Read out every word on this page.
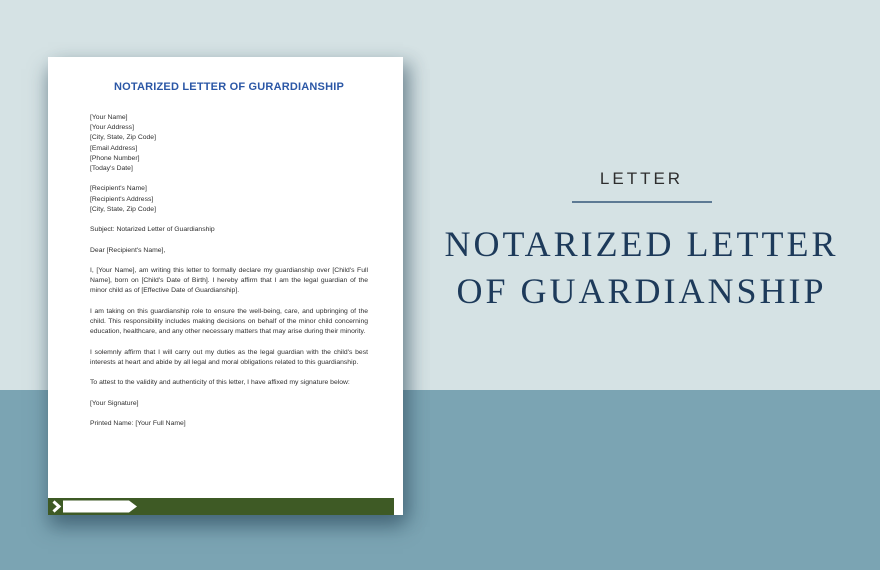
NOTARIZED LETTER OF GURARDIANSHIP
[Your Name]
[Your Address]
[City, State, Zip Code]
[Email Address]
[Phone Number]
[Today's Date]
[Recipient's Name]
[Recipient's Address]
[City, State, Zip Code]
Subject: Notarized Letter of Guardianship
Dear [Recipient's Name],

I, [Your Name], am writing this letter to formally declare my guardianship over [Child's Full Name], born on [Child's Date of Birth]. I hereby affirm that I am the legal guardian of the minor child as of [Effective Date of Guardianship].

I am taking on this guardianship role to ensure the well-being, care, and upbringing of the child. This responsibility includes making decisions on behalf of the minor child concerning education, healthcare, and any other necessary matters that may arise during their minority.

I solemnly affirm that I will carry out my duties as the legal guardian with the child's best interests at heart and abide by all legal and moral obligations related to this guardianship.

To attest to the validity and authenticity of this letter, I have affixed my signature below:

[Your Signature]
Printed Name: [Your Full Name]
LETTER
NOTARIZED LETTER
OF GUARDIANSHIP
